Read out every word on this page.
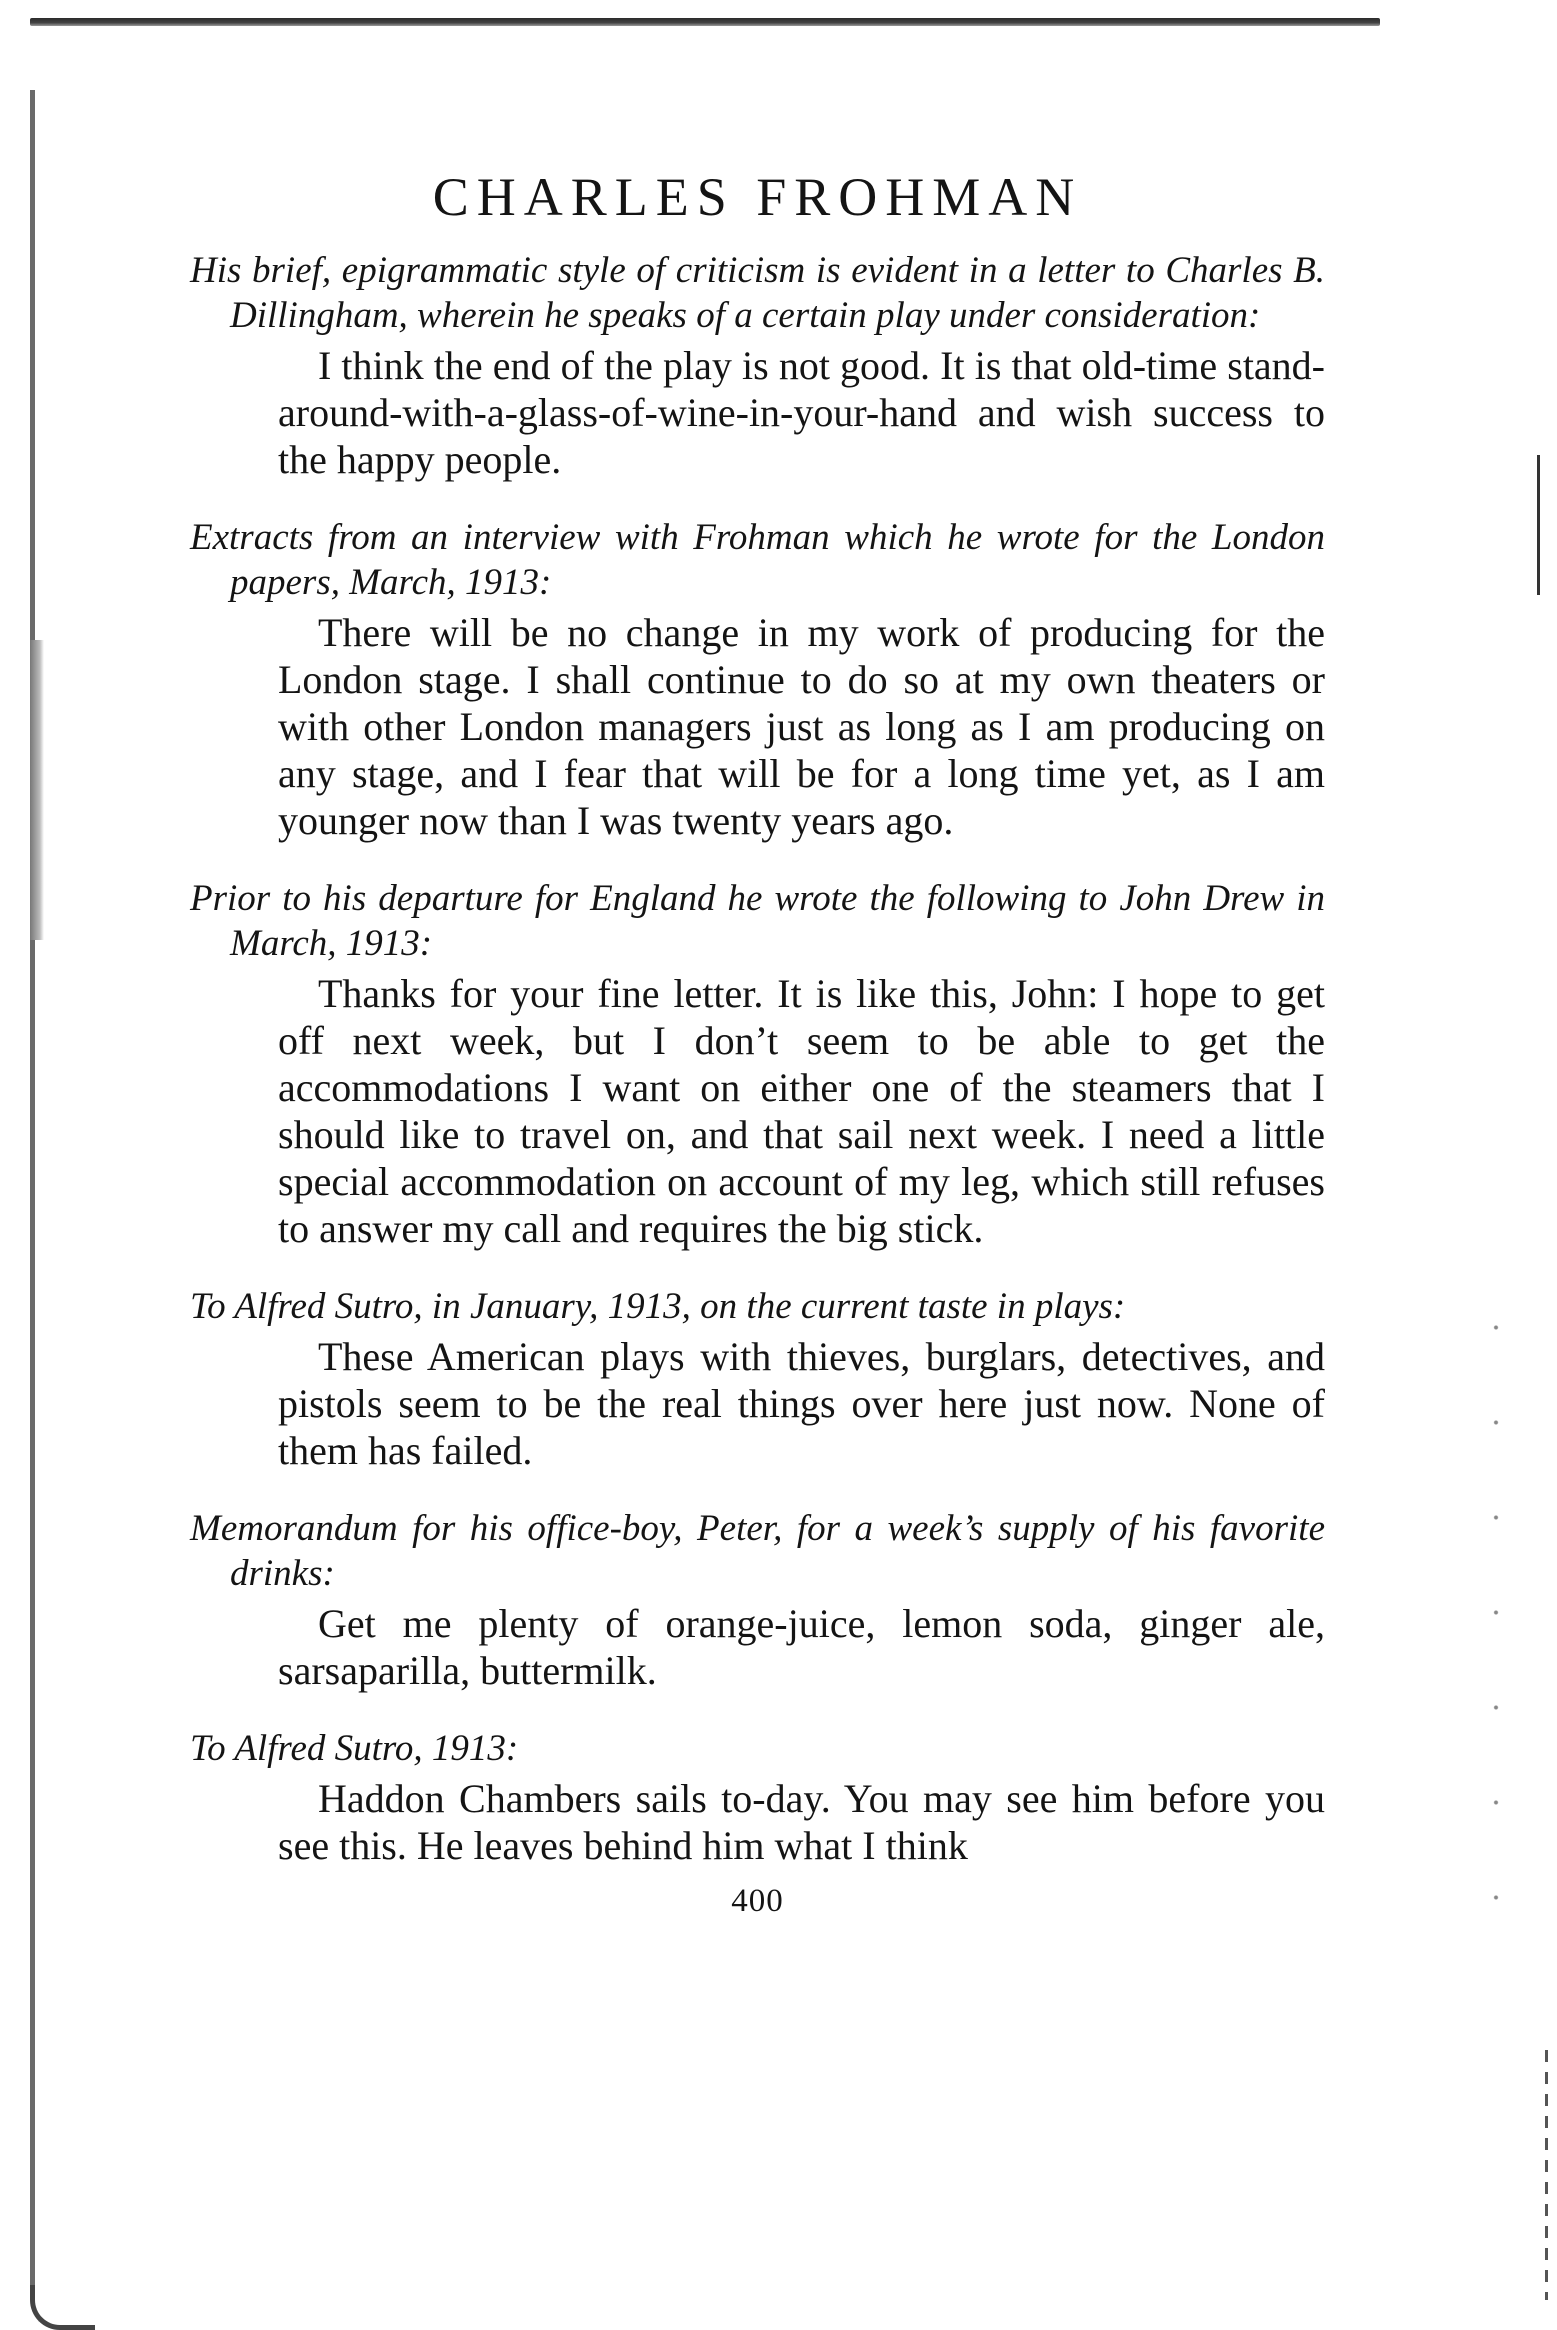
CHARLES FROHMAN

His brief, epigrammatic style of criticism is evident in a letter to Charles B. Dillingham, wherein he speaks of a certain play under consideration:

I think the end of the play is not good. It is that old-time stand-around-with-a-glass-of-wine-in-your-hand and wish success to the happy people.

Extracts from an interview with Frohman which he wrote for the London papers, March, 1913:

There will be no change in my work of producing for the London stage. I shall continue to do so at my own theaters or with other London managers just as long as I am producing on any stage, and I fear that will be for a long time yet, as I am younger now than I was twenty years ago.

Prior to his departure for England he wrote the following to John Drew in March, 1913:

Thanks for your fine letter. It is like this, John: I hope to get off next week, but I don’t seem to be able to get the accommodations I want on either one of the steamers that I should like to travel on, and that sail next week. I need a little special accommodation on account of my leg, which still refuses to answer my call and requires the big stick.

To Alfred Sutro, in January, 1913, on the current taste in plays:

These American plays with thieves, burglars, detectives, and pistols seem to be the real things over here just now. None of them has failed.

Memorandum for his office-boy, Peter, for a week’s supply of his favorite drinks:

Get me plenty of orange-juice, lemon soda, ginger ale, sarsaparilla, buttermilk.

To Alfred Sutro, 1913:

Haddon Chambers sails to-day. You may see him before you see this. He leaves behind him what I think

400
